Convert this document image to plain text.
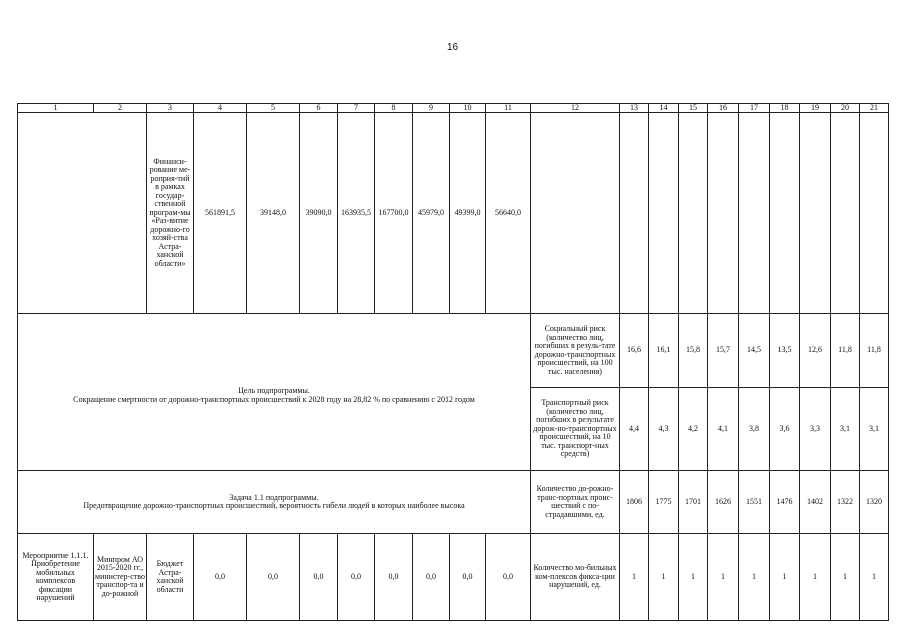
16
1	2	3	4	5	6	7	8	9	10	11	12	13	14	15	16	17	18	19	20	21
		Финанси-рование ме-роприя-тий в рамках государ-ственной програм-мы «Раз-витие дорожно-го хозяй-ства Астра-ханской области»	561891,5	39148,0	39090,0	163935,5	167700,0	45979,0	49399,0	56640,0										

Цель подпрограммы.
Сокращение смертности от дорожно-транспортных происшествий к 2028 году на 28,82 % по сравнению с 2012 годом											Социальный риск (количество лиц, погибших в резуль-тате дорожно-транспортных происшествий, на 100 тыс. населения)	16,6	16,1	15,8	15,7	14,5	13,5	12,6	11,8	11,8
											Транспортный риск (количество лиц, погибших в результате дорож-но-транспортных происшествий, на 10 тыс. транспорт-ных средств)	4,4	4,3	4,2	4,1	3,8	3,6	3,3	3,1	3,1

Задача 1.1 подпрограммы.
Предотвращение дорожно-транспортных происшествий, вероятность гибели людей в которых наиболее высока											Количество до-рожно-транс-портных проис-шествий с по-страдавшими, ед.	1806	1775	1701	1626	1551	1476	1402	1322	1320
Мероприятие 1.1.1. Приобретение мобильных комплексов фиксации нарушений	Минпром АО 2015-2020 гг., министер-ство транспор-та и до-рожной	Бюджет Астра-ханской области	0,0	0,0	0,0	0,0	0,0	0,0	0,0	0,0	Количество мо-бильных ком-плексов фикса-ции нарушений, ед.	1	1	1	1	1	1	1	1	1
